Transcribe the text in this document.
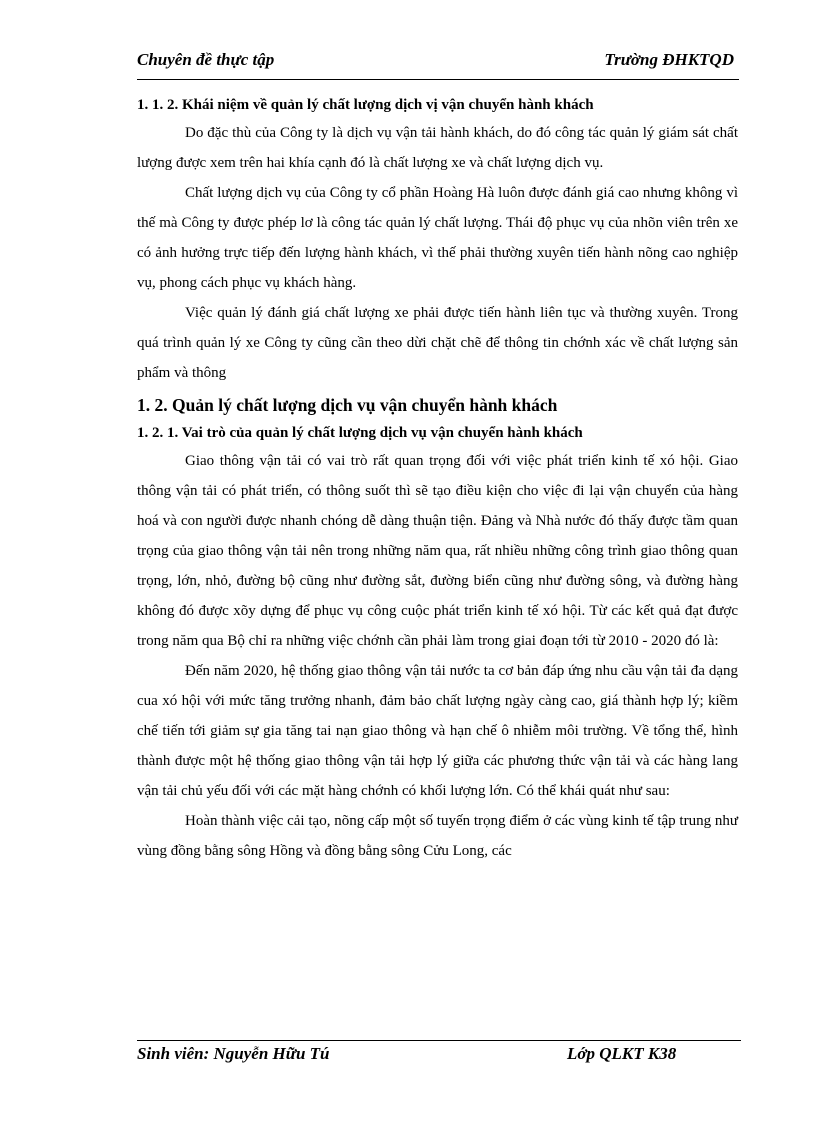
Chuyên đề thực tập	Trường ĐHKTQD
1. 1. 2. Khái niệm về quản lý chất lượng dịch vị vận chuyển hành khách

Do đặc thù của Công ty là dịch vụ vận tải hành khách, do đó công tác quản lý giám sát chất lượng được xem trên hai khía cạnh đó là chất lượng xe và chất lượng dịch vụ.

Chất lượng dịch vụ của Công ty cổ phần Hoàng Hà luôn được đánh giá cao nhưng không vì thế mà Công ty được phép lơ là công tác quản lý chất lượng. Thái độ phục vụ của nhõn viên trên xe có ảnh hưởng trực tiếp đến lượng hành khách, vì thế phải thường xuyên tiến hành nõng cao nghiệp vụ, phong cách phục vụ khách hàng.

Việc quản lý đánh giá chất lượng xe phải được tiến hành liên tục và thường xuyên. Trong quá trình quản lý xe Công ty cũng cần theo dừi chặt chẽ để thông tin chớnh xác về chất lượng sản phẩm và thông

1. 2. Quản lý chất lượng dịch vụ vận chuyển hành khách
1. 2. 1. Vai trò của quản lý chất lượng dịch vụ vận chuyển hành khách

Giao thông vận tải có vai trò rất quan trọng đối với việc phát triển kinh tế xó hội. Giao thông vận tải có phát triển, có thông suốt thì sẽ tạo điều kiện cho việc đi lại vận chuyển của hàng hoá và con người được nhanh chóng dễ dàng thuận tiện. Đảng và Nhà nước đó thấy được tầm quan trọng của giao thông vận tải nên trong những năm qua, rất nhiều những công trình giao thông quan trọng, lớn, nhỏ, đường bộ cũng như đường sắt, đường biển cũng như đường sông, và đường hàng không đó được xõy dựng để phục vụ công cuộc phát triển kinh tế xó hội. Từ các kết quả đạt được trong năm qua Bộ chỉ ra những việc chớnh cần phải làm trong giai đoạn tới từ 2010 - 2020 đó là:

Đến năm 2020, hệ thống giao thông vận tải nước ta cơ bản đáp ứng nhu cầu vận tải đa dạng cua xó hội với mức tăng trưởng nhanh, đảm bảo chất lượng ngày càng cao, giá thành hợp lý; kiềm chế tiến tới giảm sự gia tăng tai nạn giao thông và hạn chế ô nhiễm môi trường. Về tổng thể, hình thành được một hệ thống giao thông vận tải hợp lý giữa các phương thức vận tải và các hàng lang vận tải chủ yếu đối với các mặt hàng chớnh có khối lượng lớn. Có thể khái quát như sau:

Hoàn thành việc cải tạo, nõng cấp một số tuyến trọng điểm ở các vùng kinh tế tập trung như vùng đồng bằng sông Hồng và đồng bằng sông Cửu Long, các

Sinh viên: Nguyễn Hữu Tú	Lớp QLKT K38
